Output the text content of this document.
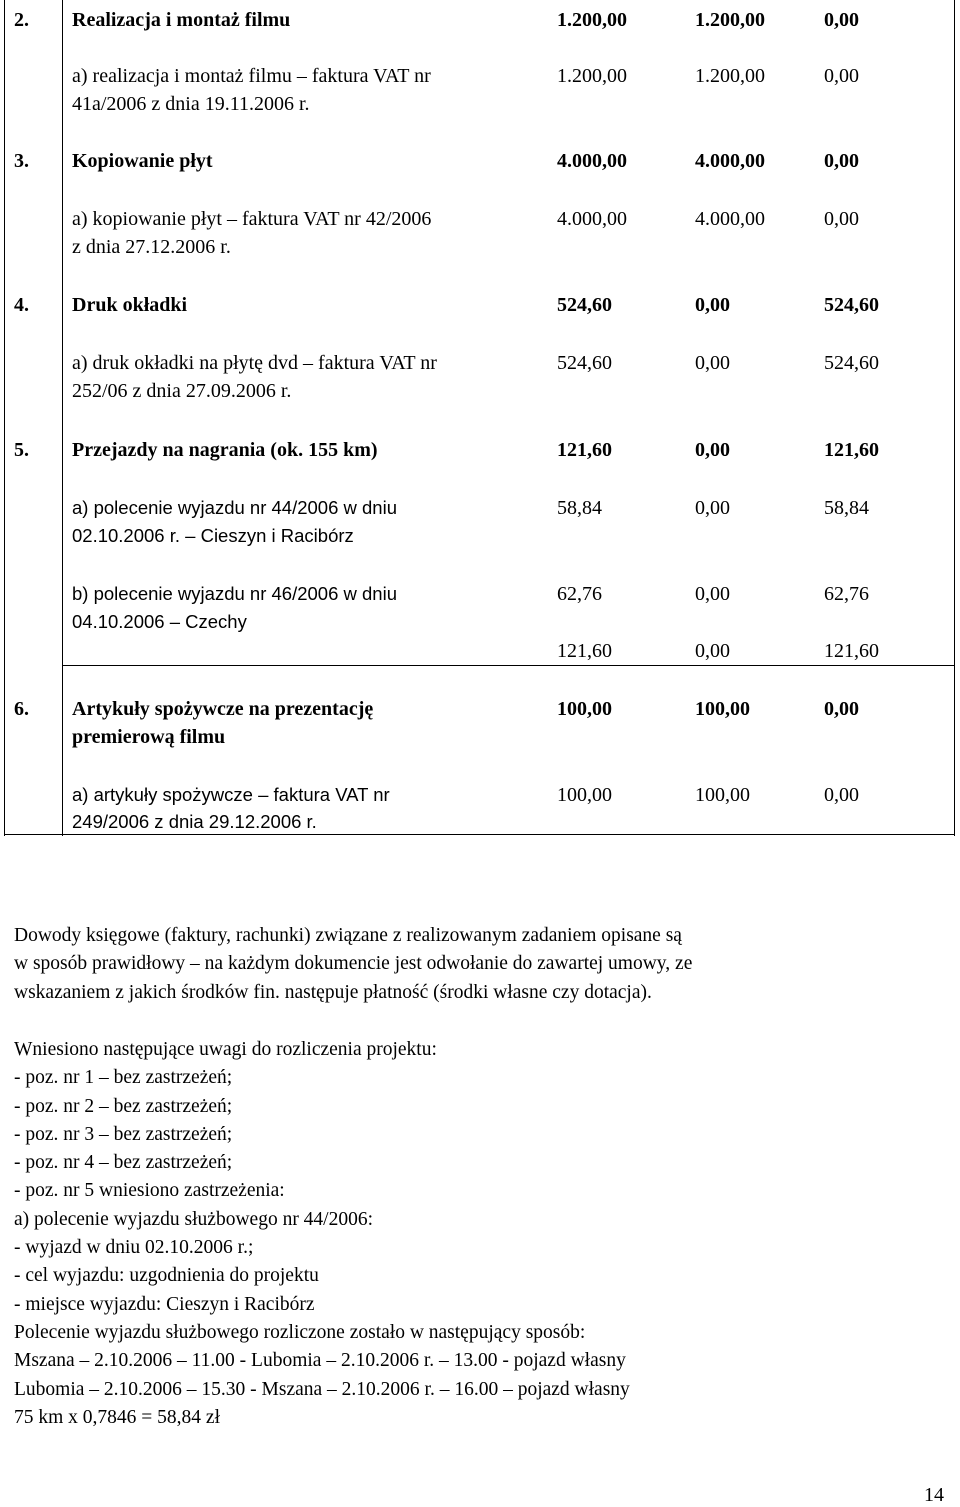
2. Realizacja i montaż filmu	1.200,00	1.200,00	0,00
a) realizacja i montaż filmu – faktura VAT nr
41a/2006 z dnia 19.11.2006 r.
1.200,00	1.200,00	0,00
3. Kopiowanie płyt	4.000,00	4.000,00	0,00
a) kopiowanie płyt – faktura VAT nr 42/2006
z dnia 27.12.2006 r.
4.000,00	4.000,00	0,00
4. Druk okładki	524,60	0,00	524,60
a) druk okładki na płytę dvd – faktura VAT nr
252/06 z dnia 27.09.2006 r.
524,60	0,00	524,60
5. Przejazdy na nagrania (ok. 155 km)	121,60	0,00	121,60
a) polecenie wyjazdu nr 44/2006 w dniu
02.10.2006 r. – Cieszyn i Racibórz
58,84	0,00	58,84
b) polecenie wyjazdu nr 46/2006 w dniu
04.10.2006 – Czechy
62,76	0,00	62,76
121,60	0,00	121,60
6. Artykuły spożywcze na prezentację
premierową filmu
100,00	100,00	0,00
a) artykuły spożywcze – faktura VAT nr
249/2006 z dnia 29.12.2006 r.
100,00	100,00	0,00
Dowody księgowe (faktury, rachunki) związane z realizowanym zadaniem opisane są
w sposób prawidłowy – na każdym dokumencie jest odwołanie do zawartej umowy, ze
wskazaniem z jakich środków fin. następuje płatność (środki własne czy dotacja).
Wniesiono następujące uwagi do rozliczenia projektu:
- poz. nr 1 – bez zastrzeżeń;
- poz. nr 2 – bez zastrzeżeń;
- poz. nr 3 – bez zastrzeżeń;
- poz. nr 4 – bez zastrzeżeń;
- poz. nr 5 wniesiono zastrzeżenia:
a) polecenie wyjazdu służbowego nr 44/2006:
- wyjazd w dniu 02.10.2006 r.;
- cel wyjazdu: uzgodnienia do projektu
- miejsce wyjazdu: Cieszyn i Racibórz
Polecenie wyjazdu służbowego rozliczone zostało w następujący sposób:
Mszana – 2.10.2006 – 11.00 - Lubomia – 2.10.2006 r. – 13.00 - pojazd własny
Lubomia – 2.10.2006 – 15.30 - Mszana – 2.10.2006 r. – 16.00 – pojazd własny
75 km x 0,7846 = 58,84 zł
14
